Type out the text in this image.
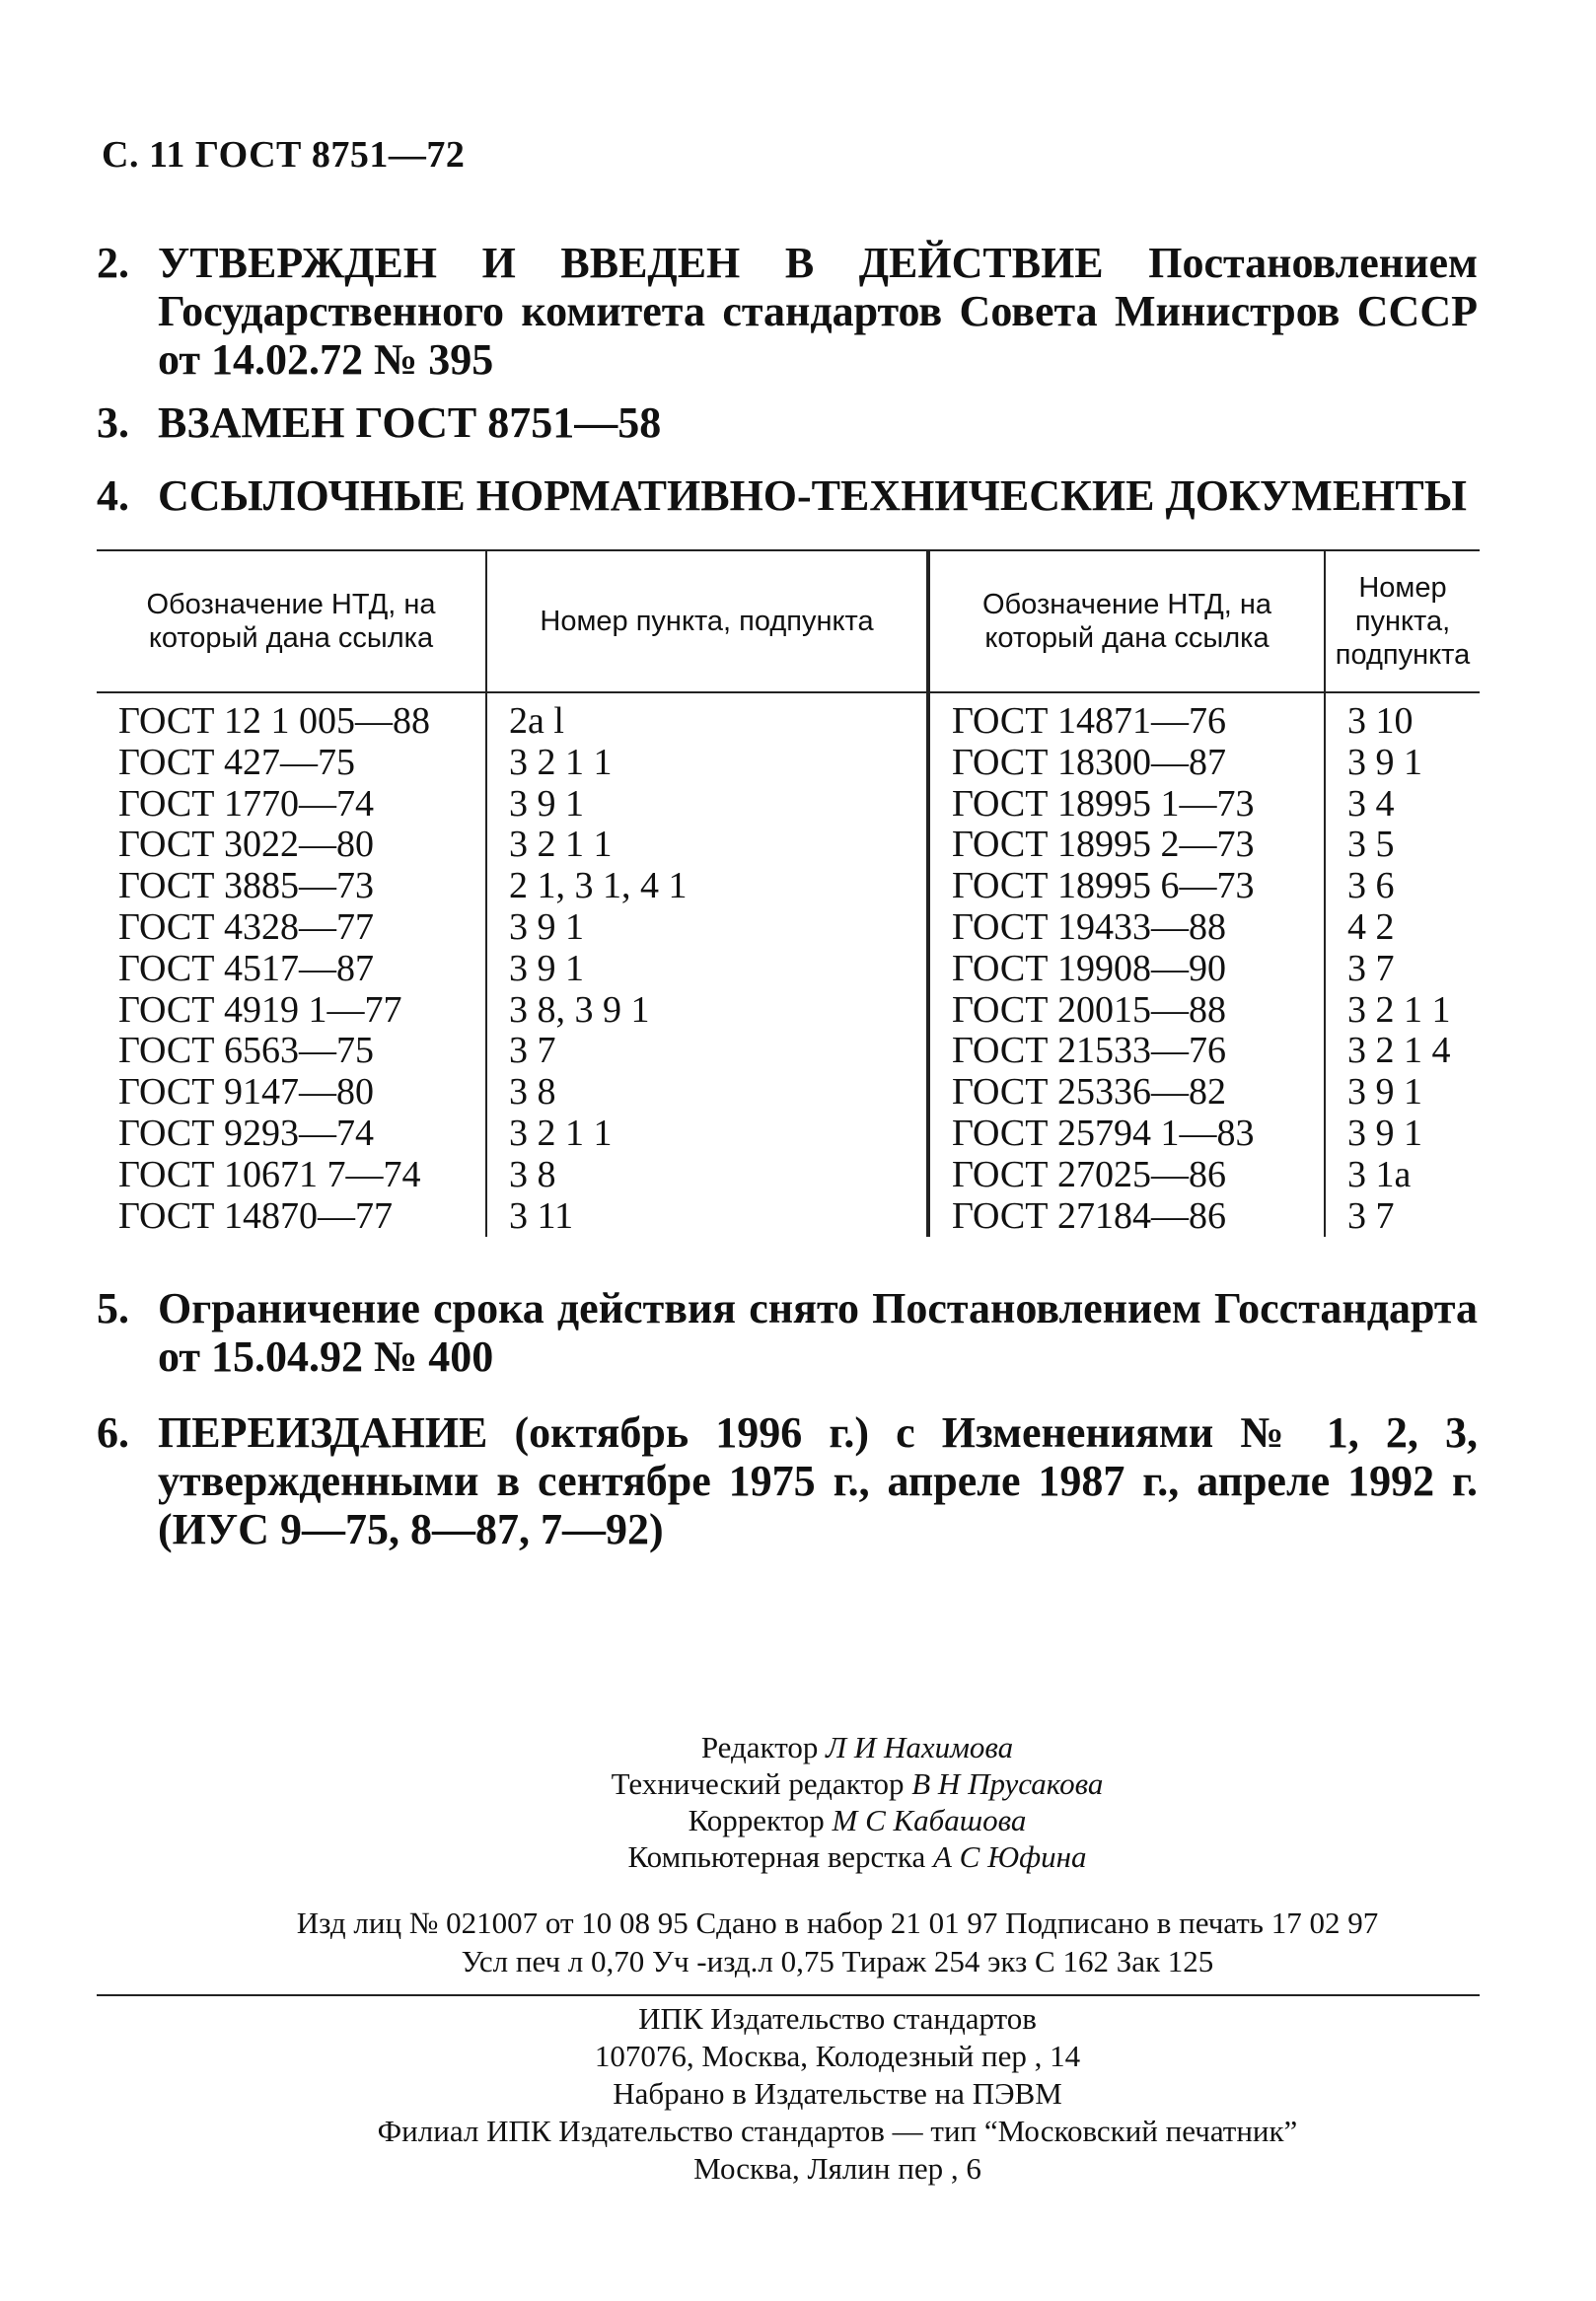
С. 11 ГОСТ 8751—72
2. УТВЕРЖДЕН И ВВЕДЕН В ДЕЙСТВИЕ Постановлением Государственного комитета стандартов Совета Министров СССР от 14.02.72 № 395
3. ВЗАМЕН ГОСТ 8751—58
4. ССЫЛОЧНЫЕ НОРМАТИВНО-ТЕХНИЧЕСКИЕ ДОКУМЕНТЫ
Обозначение НТД, на который дана ссылка	Номер пункта, подпункта	Обозначение НТД, на который дана ссылка	Номер пункта, подпункта
ГОСТ 12 1 005—88	2а l	ГОСТ 14871—76	3 10
ГОСТ 427—75	3 2 1 1	ГОСТ 18300—87	3 9 1
ГОСТ 1770—74	3 9 1	ГОСТ 18995 1—73	3 4
ГОСТ 3022—80	3 2 1 1	ГОСТ 18995 2—73	3 5
ГОСТ 3885—73	2 1, 3 1, 4 1	ГОСТ 18995 6—73	3 6
ГОСТ 4328—77	3 9 1	ГОСТ 19433—88	4 2
ГОСТ 4517—87	3 9 1	ГОСТ 19908—90	3 7
ГОСТ 4919 1—77	3 8, 3 9 1	ГОСТ 20015—88	3 2 1 1
ГОСТ 6563—75	3 7	ГОСТ 21533—76	3 2 1 4
ГОСТ 9147—80	3 8	ГОСТ 25336—82	3 9 1
ГОСТ 9293—74	3 2 1 1	ГОСТ 25794 1—83	3 9 1
ГОСТ 10671 7—74	3 8	ГОСТ 27025—86	3 1а
ГОСТ 14870—77	3 11	ГОСТ 27184—86	3 7
5. Ограничение срока действия снято Постановлением Госстандарта от 15.04.92 № 400
6. ПЕРЕИЗДАНИЕ (октябрь 1996 г.) с Изменениями № 1, 2, 3, утвержденными в сентябре 1975 г., апреле 1987 г., апреле 1992 г. (ИУС 9—75, 8—87, 7—92)
Редактор Л И Нахимова
Технический редактор В Н Прусакова
Корректор М С Кабашова
Компьютерная верстка А С Юфина
Изд лиц № 021007 от 10 08 95 Сдано в набор 21 01 97 Подписано в печать 17 02 97
Усл печ л 0,70 Уч -изд.л 0,75 Тираж 254 экз С 162 Зак 125
ИПК Издательство стандартов
107076, Москва, Колодезный пер , 14
Набрано в Издательстве на ПЭВМ
Филиал ИПК Издательство стандартов — тип “Московский печатник”
Москва, Лялин пер , 6
